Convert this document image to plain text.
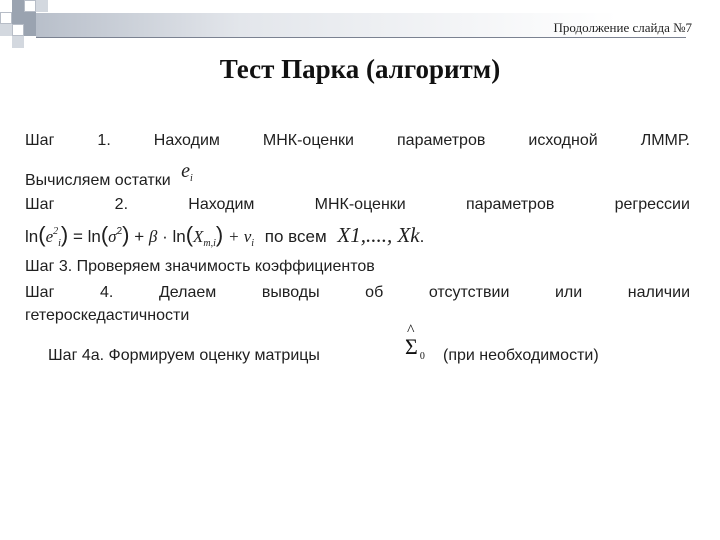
Продолжение слайда №7
Тест Парка (алгоритм)
Шаг	1.	Находим	МНК-оценки	параметров	исходной	ЛММР.
Вычисляем остатки $e_i$
Шаг	2.	Находим	МНК-оценки	параметров	регрессии
$\ln(e^2_i) = \ln(\sigma^2) + \beta \cdot \ln(X_{m,i}) + v_i$ по всем X1,...., Xk.
Шаг 3. Проверяем значимость коэффициентов
Шаг	4.	Делаем	выводы	об	отсутствии	или	наличии
гетероскедастичности
Шаг 4а. Формируем оценку матрицы
^
Σ $_0$ (при необходимости)
